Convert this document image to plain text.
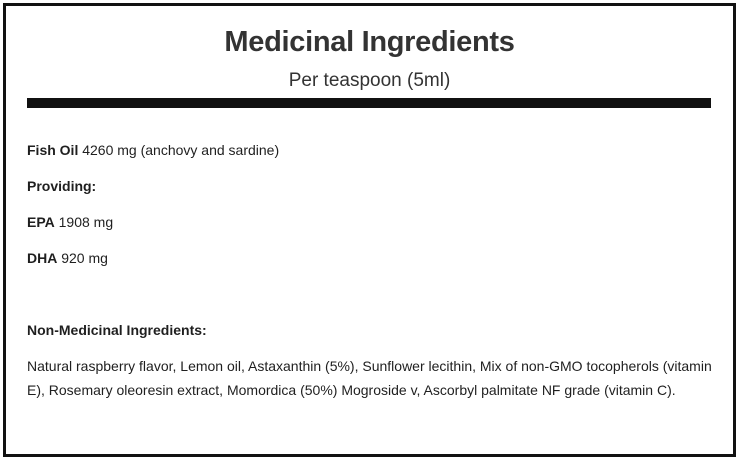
Medicinal Ingredients
Per teaspoon (5ml)
Fish Oil 4260 mg (anchovy and sardine)
Providing:
EPA 1908 mg
DHA 920 mg
Non-Medicinal Ingredients:
Natural raspberry flavor, Lemon oil, Astaxanthin (5%), Sunflower lecithin, Mix of non-GMO tocopherols (vitamin E), Rosemary oleoresin extract, Momordica (50%) Mogroside v, Ascorbyl palmitate NF grade (vitamin C).
